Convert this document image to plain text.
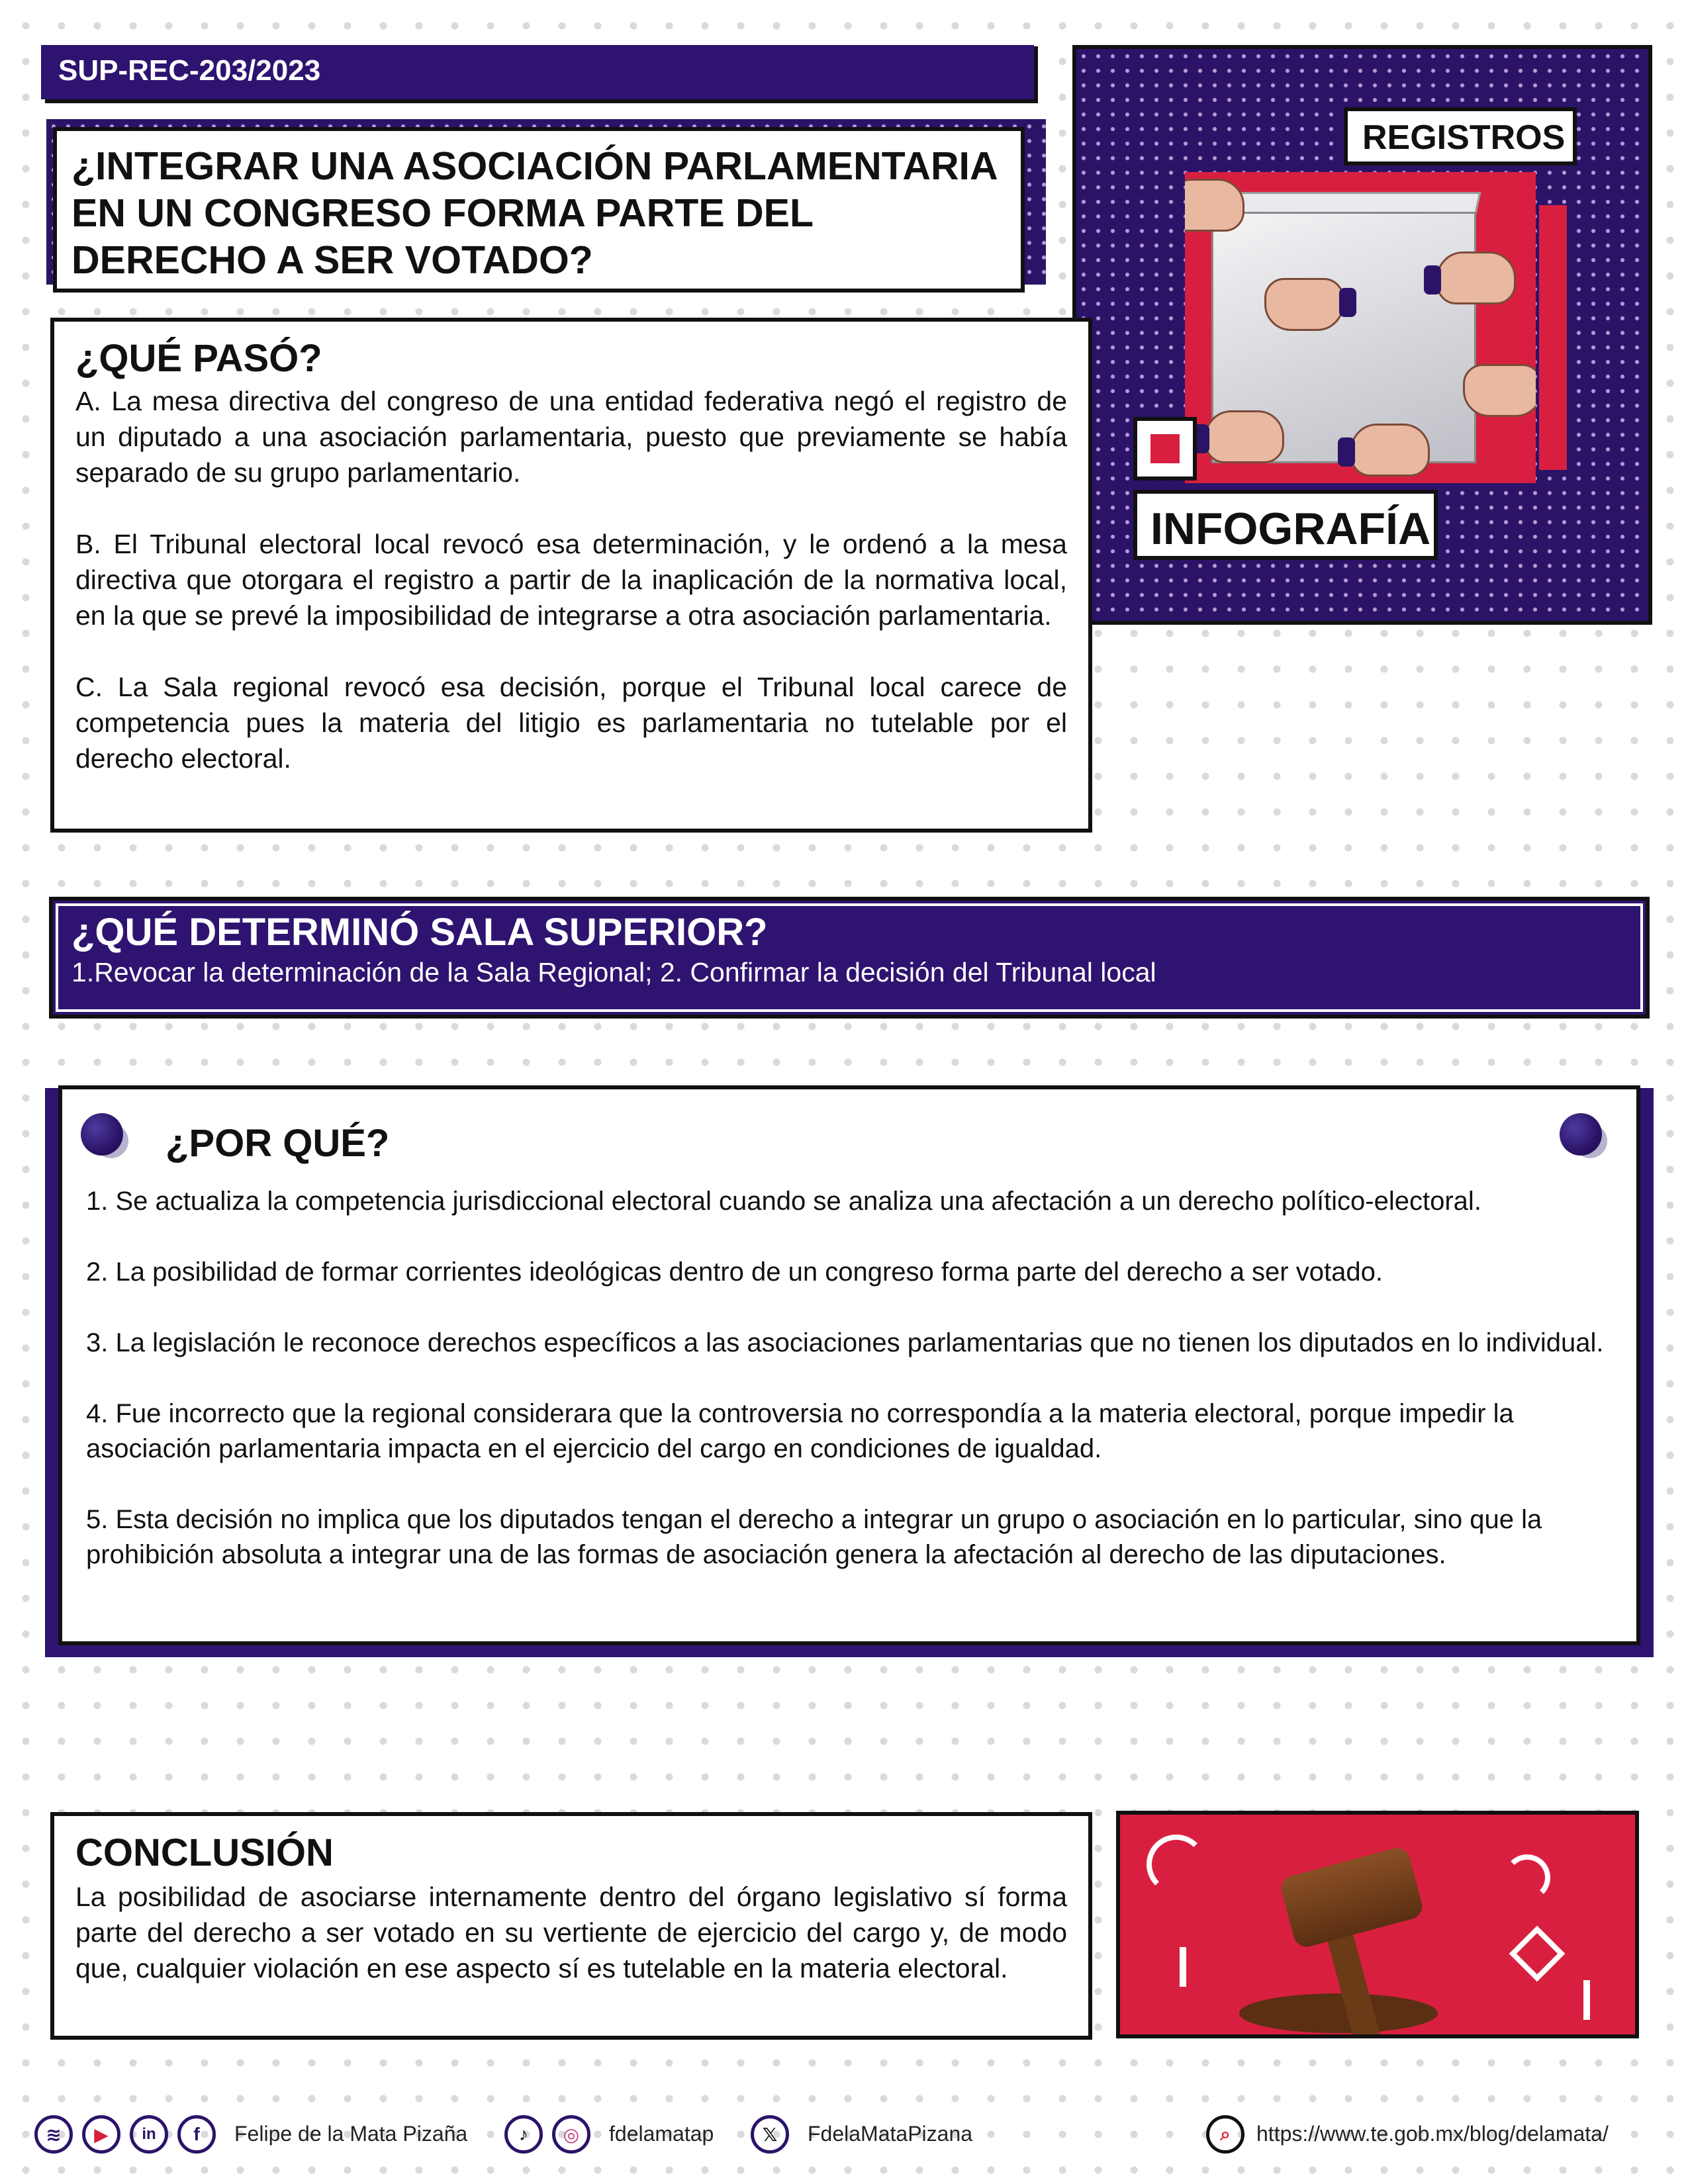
SUP-REC-203/2023
¿INTEGRAR UNA ASOCIACIÓN PARLAMENTARIA EN UN CONGRESO FORMA PARTE DEL DERECHO A SER VOTADO?
REGISTROS
INFOGRAFÍA
¿QUÉ PASÓ?

A. La mesa directiva del congreso de una entidad federativa negó el registro de un diputado a una asociación parlamentaria, puesto que previamente se había separado de su grupo parlamentario.

B. El Tribunal electoral local revocó esa determinación, y le ordenó a la mesa directiva que otorgara el registro a partir de la inaplicación de la normativa local, en la que se prevé la imposibilidad de integrarse a otra asociación parlamentaria.

C. La Sala regional revocó esa decisión, porque el Tribunal local carece de competencia pues la materia del litigio es parlamentaria no tutelable por el derecho electoral.

¿QUÉ DETERMINÓ SALA SUPERIOR?

1.Revocar la determinación de la Sala Regional; 2. Confirmar la decisión del Tribunal local

¿POR QUÉ?

1. Se actualiza la competencia jurisdiccional electoral cuando se analiza una afectación a un derecho político-electoral.

2. La posibilidad de formar corrientes ideológicas dentro de un congreso forma parte del derecho a ser votado.

3. La legislación le reconoce derechos específicos a las asociaciones parlamentarias que no tienen los diputados en lo individual.

4. Fue incorrecto que la regional considerara que la controversia no correspondía a la materia electoral, porque impedir la asociación parlamentaria impacta en el ejercicio del cargo en condiciones de igualdad.

5. Esta decisión no implica que los diputados tengan el derecho a integrar un grupo o asociación en lo particular, sino que la prohibición absoluta a integrar una de las formas de asociación genera la afectación al derecho de las diputaciones.

CONCLUSIÓN

La posibilidad de asociarse internamente dentro del órgano legislativo sí forma parte del derecho a ser votado en su vertiente de ejercicio del cargo y, de modo que, cualquier violación en ese aspecto sí es tutelable en la materia electoral.

≋	▶	in	f	Felipe de la Mata Pizaña	♪	◎	fdelamatap	𝕏	FdelaMataPizana	⌕	https://www.te.gob.mx/blog/delamata/
